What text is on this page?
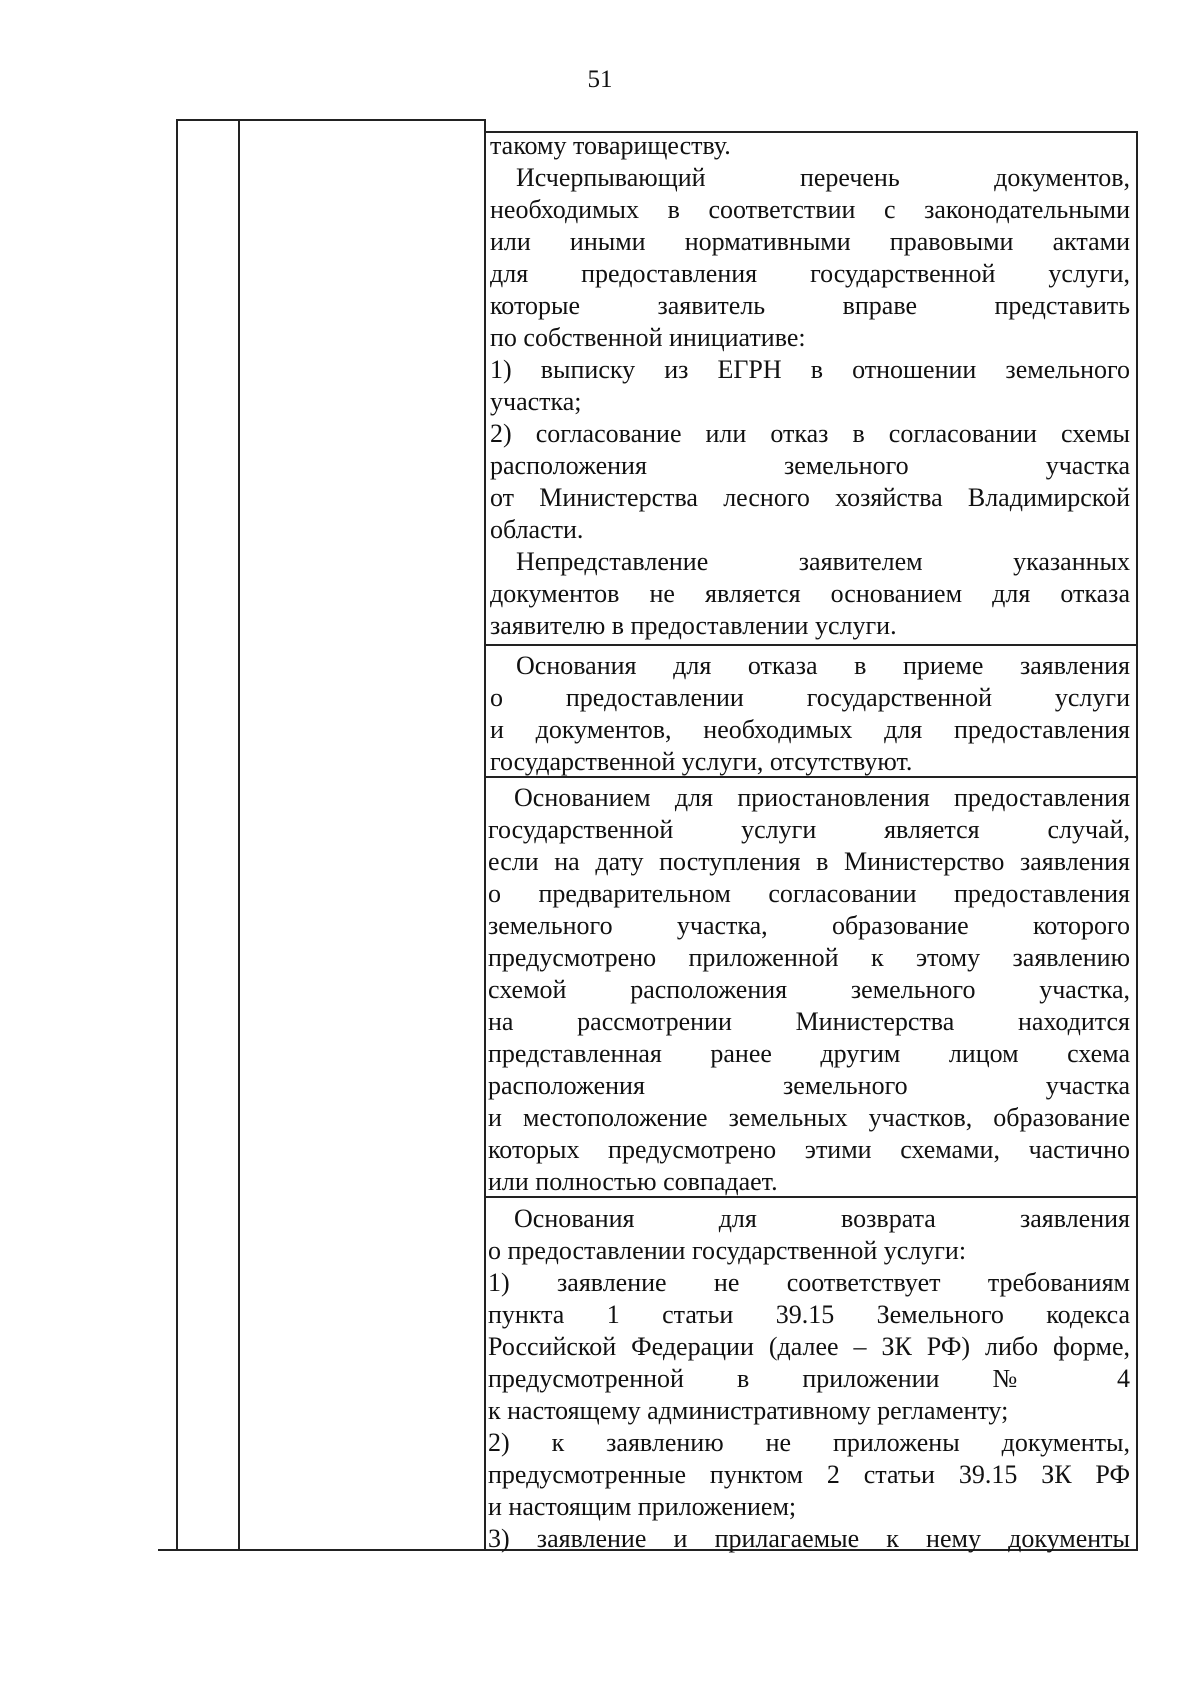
51
такому товариществу.
Исчерпывающий перечень документов,
необходимых в соответствии с законодательными
или иными нормативными правовыми актами
для предоставления государственной услуги,
которые заявитель вправе представить
по собственной инициативе:
1) выписку из ЕГРН в отношении земельного
участка;
2) согласование или отказ в согласовании схемы
расположения земельного участка
от Министерства лесного хозяйства Владимирской
области.
Непредставление заявителем указанных
документов не является основанием для отказа
заявителю в предоставлении услуги.
Основания для отказа в приеме заявления
о предоставлении государственной услуги
и документов, необходимых для предоставления
государственной услуги, отсутствуют.
Основанием для приостановления предоставления
государственной услуги является случай,
если на дату поступления в Министерство заявления
о предварительном согласовании предоставления
земельного участка, образование которого
предусмотрено приложенной к этому заявлению
схемой расположения земельного участка,
на рассмотрении Министерства находится
представленная ранее другим лицом схема
расположения земельного участка
и местоположение земельных участков, образование
которых предусмотрено этими схемами, частично
или полностью совпадает.
Основания для возврата заявления
о предоставлении государственной услуги:
1) заявление не соответствует требованиям
пункта 1 статьи 39.15 Земельного кодекса
Российской Федерации (далее – ЗК РФ) либо форме,
предусмотренной в приложении № 4
к настоящему административному регламенту;
2) к заявлению не приложены документы,
предусмотренные пунктом 2 статьи 39.15 ЗК РФ
и настоящим приложением;
3) заявление и прилагаемые к нему документы
